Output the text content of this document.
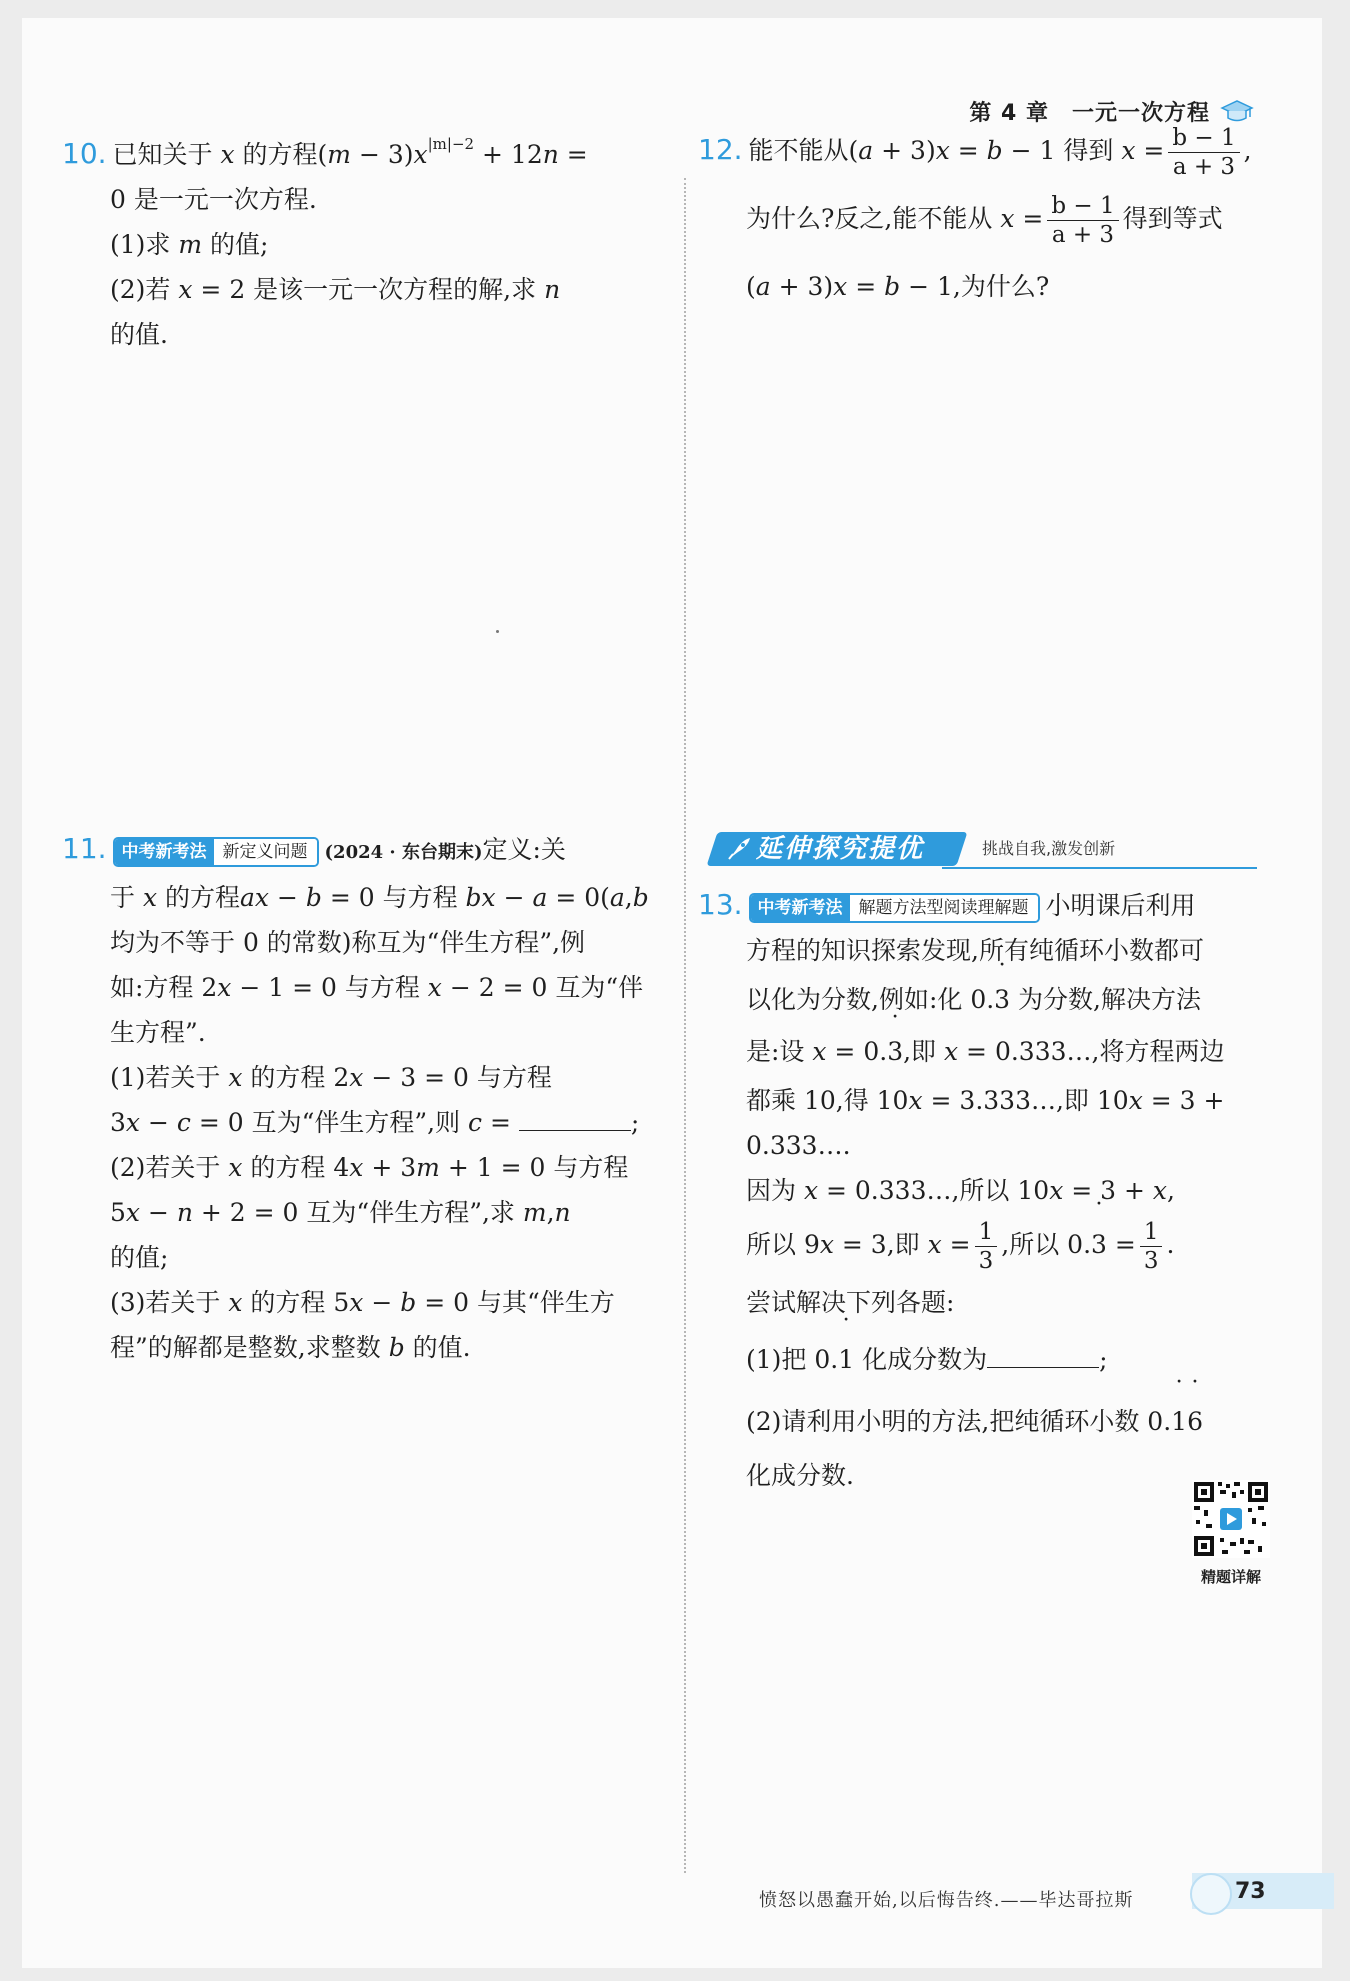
第 4 章　一元一次方程
10. 已知关于 x 的方程$(m - 3)x^{|m|-2} + 12n$ =
0 是一元一次方程.
(1)求 m 的值;
(2)若 x = 2 是该一元一次方程的解,求 n
的值.
12. 能不能从(a + 3)x = b − 1 得到 $x = \frac{b - 1}{a + 3}$ ,
为什么?反之,能不能从 $x = \frac{b - 1}{a + 3}$ 得到等式
(a + 3)x = b − 1,为什么?
11. 中考新考法 新定义问题 (2024 · 东台期末)定义:关
于 x 的方程ax − b = 0 与方程 bx − a = 0(a,b
均为不等于 0 的常数)称互为“伴生方程”,例
如:方程 2x − 1 = 0 与方程 x − 2 = 0 互为“伴
生方程”.
(1)若关于 x 的方程 2x − 3 = 0 与方程
3x − c = 0 互为“伴生方程”,则 c =	;
(2)若关于 x 的方程 4x + 3m + 1 = 0 与方程
5x − n + 2 = 0 互为“伴生方程”,求 m,n
的值;
(3)若关于 x 的方程 5x − b = 0 与其“伴生方
程”的解都是整数,求整数 b 的值.
延伸探究提优	挑战自我,激发创新
13. 中考新考法 解题方法型阅读理解题 小明课后利用
方程的知识探索发现,所有纯循环小数都可
以化为分数,例如:化 0.· 3 为分数,解决方法
是:设 x = 0.· 3,即 x = 0.333…,将方程两边
都乘 10,得 10x = 3.333…,即 10x = 3 +
0.333….
因为 x = 0.333…,所以 10x = 3 + x,
所以 9x = 3,即 $x = \frac{1}{3}$ ,所以 $0.\cdot 3 = \frac{1}{3}$ .
尝试解决下列各题:
(1)把 0.· 1 化成分数为	;
(2)请利用小明的方法,把纯循环小数 0.· 1· 6
化成分数.
精题详解
愤怒以愚蠢开始,以后悔告终.——毕达哥拉斯	73
